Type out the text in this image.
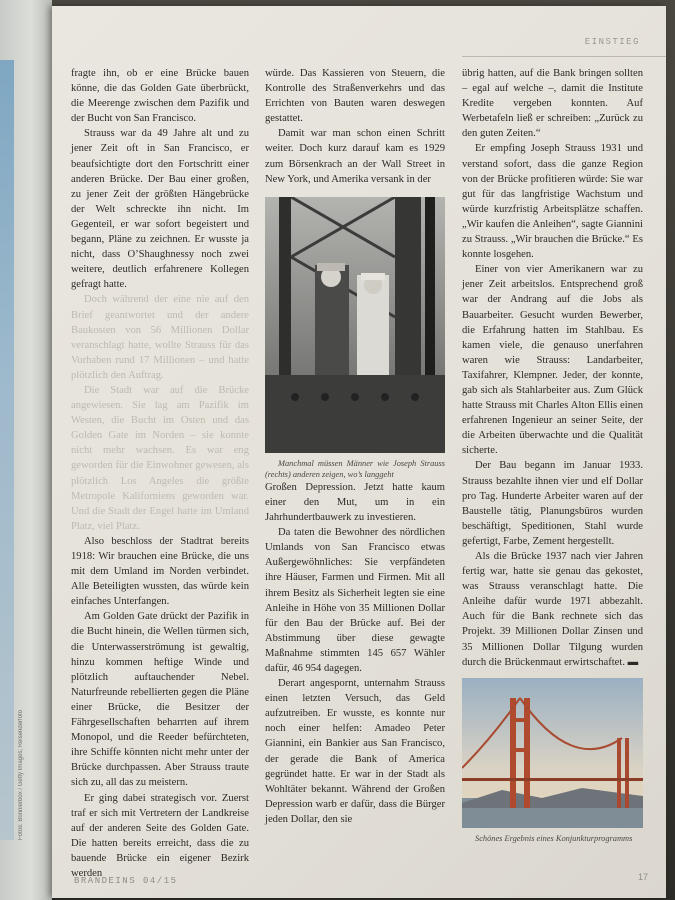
Fotos: Bonnierbox / Getty Images; Reisenderfoto
EINSTIEG

fragte ihn, ob er eine Brücke bauen könne, die das Golden Gate überbrückt, die Meerenge zwischen dem Pazifik und der Bucht von San Francisco.

Strauss war da 49 Jahre alt und zu jener Zeit oft in San Francisco, er beaufsichtigte dort den Fortschritt einer anderen Brücke. Der Bau einer großen, zu jener Zeit der größten Hängebrücke der Welt schreckte ihn nicht. Im Gegenteil, er war sofort begeistert und begann, Pläne zu zeichnen. Er wusste ja nicht, dass O’Shaughnessy noch zwei weitere, deutlich erfahrenere Kollegen gefragt hatte.

Doch während der eine nie auf den Brief geantwortet und der andere Baukosten von 56 Millionen Dollar veranschlagt hatte, wollte Strauss für das Vorhaben rund 17 Millionen – und hatte plötzlich den Auftrag.

Die Stadt war auf die Brücke angewiesen. Sie lag am Pazifik im Westen, die Bucht im Osten und das Golden Gate im Norden – sie konnte nicht mehr wachsen. Es war eng geworden für die Einwohner gewesen, als plötzlich Los Angeles die größte Metropole Kaliforniens geworden war. Und die Stadt der Engel hatte im Umland Platz, viel Platz.

Also beschloss der Stadtrat bereits 1918: Wir brauchen eine Brücke, die uns mit dem Umland im Norden verbindet. Alle Beteiligten wussten, das würde kein einfaches Unterfangen.

Am Golden Gate drückt der Pazifik in die Bucht hinein, die Wellen türmen sich, die Unterwasserströmung ist gewaltig, hinzu kommen heftige Winde und plötzlich auftauchender Nebel. Naturfreunde rebellierten gegen die Pläne einer Brücke, die Besitzer der Fährgesellschaften beharrten auf ihrem Monopol, und die Reeder befürchteten, ihre Schiffe könnten nicht mehr unter der Brücke durchpassen. Aber Strauss traute sich zu, all das zu meistern.

Er ging dabei strategisch vor. Zuerst traf er sich mit Vertretern der Landkreise auf der anderen Seite des Golden Gate. Die hatten bereits erreicht, dass die zu bauende Brücke ein eigener Bezirk werden

würde. Das Kassieren von Steuern, die Kontrolle des Straßenverkehrs und das Errichten von Bauten waren deswegen gestattet.

Damit war man schon einen Schritt weiter. Doch kurz darauf kam es 1929 zum Börsenkrach an der Wall Street in New York, und Amerika versank in der

Manchmal müssen Männer wie Joseph Strauss (rechts) anderen zeigen, wo’s langgeht

Großen Depression. Jetzt hatte kaum einer den Mut, um in ein Jahrhundertbauwerk zu investieren.

Da taten die Bewohner des nördlichen Umlands von San Francisco etwas Außergewöhnliches: Sie verpfändeten ihre Häuser, Farmen und Firmen. Mit all ihrem Besitz als Sicherheit legten sie eine Anleihe in Höhe von 35 Millionen Dollar für den Bau der Brücke auf. Bei der Abstimmung über diese gewagte Maßnahme stimmten 145 657 Wähler dafür, 46 954 dagegen.

Derart angespornt, unternahm Strauss einen letzten Versuch, das Geld aufzutreiben. Er wusste, es konnte nur noch einer helfen: Amadeo Peter Giannini, ein Bankier aus San Francisco, der gerade die Bank of America gegründet hatte. Er war in der Stadt als Wohltäter bekannt. Während der Großen Depression warb er dafür, dass die Bürger jeden Dollar, den sie

übrig hatten, auf die Bank bringen sollten – egal auf welche –, damit die Institute Kredite vergeben konnten. Auf Werbetafeln ließ er schreiben: „Zurück zu den guten Zeiten.“

Er empfing Joseph Strauss 1931 und verstand sofort, dass die ganze Region von der Brücke profitieren würde: Sie war gut für das langfristige Wachstum und würde kurzfristig Arbeitsplätze schaffen. „Wir kaufen die Anleihen“, sagte Giannini zu Strauss. „Wir brauchen die Brücke.“ Es konnte losgehen.

Einer von vier Amerikanern war zu jener Zeit arbeitslos. Entsprechend groß war der Andrang auf die Jobs als Bauarbeiter. Gesucht wurden Bewerber, die Erfahrung hatten im Stahlbau. Es kamen viele, die genauso unerfahren waren wie Strauss: Landarbeiter, Taxifahrer, Klempner. Jeder, der konnte, gab sich als Stahlarbeiter aus. Zum Glück hatte Strauss mit Charles Alton Ellis einen erfahrenen Ingenieur an seiner Seite, der die Arbeiten überwachte und die Qualität sicherte.

Der Bau begann im Januar 1933. Strauss bezahlte ihnen vier und elf Dollar pro Tag. Hunderte Arbeiter waren auf der Baustelle tätig, Planungsbüros wurden beschäftigt, Speditionen, Stahl wurde gefertigt, Farbe, Zement hergestellt.

Als die Brücke 1937 nach vier Jahren fertig war, hatte sie genau das gekostet, was Strauss veranschlagt hatte. Die Anleihe dafür wurde 1971 abbezahlt. Auch für die Bank rechnete sich das Projekt. 39 Millionen Dollar Zinsen und 35 Millionen Dollar Tilgung wurden durch die Brückenmaut erwirtschaftet. ▬

Schönes Ergebnis eines Konjunkturprogramms

BRANDEINS 04/15	17
